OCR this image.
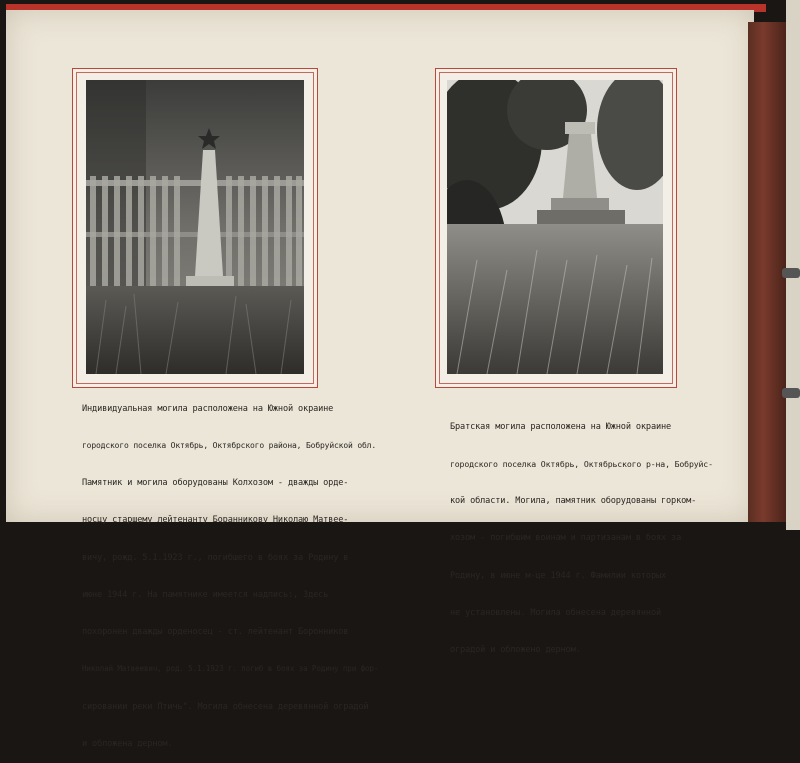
Индивидуальная могила расположена на Южной окраине

городского поселка Октябрь, Октябрского района, Бобруйской обл.

Памятник и могила оборудованы Колхозом - дважды орде-

носцу старшему лейтенанту Боранникову Николаю Матвее-

вичу, рожд. 5.1.1923 г., погибшего в боях за Родину в

июне 1944 г. На памятнике имеется надпись:, Здесь

похоронен дважды орденосец - ст. лейтенант Боронников

Николай Матвеевич, род. 5.1.1923 г. погиб в боях за Родину при фор-

сировании реки Птичь". Могила обнесена деревянной оградой

и обложена дерном.

Братская могила расположена на Южной окраине

городского поселка Октябрь, Октябрьского р-на, Бобруйс-

кой области. Могила, памятник оборудованы горком-

хозом - погибшим воинам и партизанам в боях за

Родину, в июне м-це 1944 г. Фамилии которых

не установлены. Могила обнесена деревянной

оградой и обложено дерном.
